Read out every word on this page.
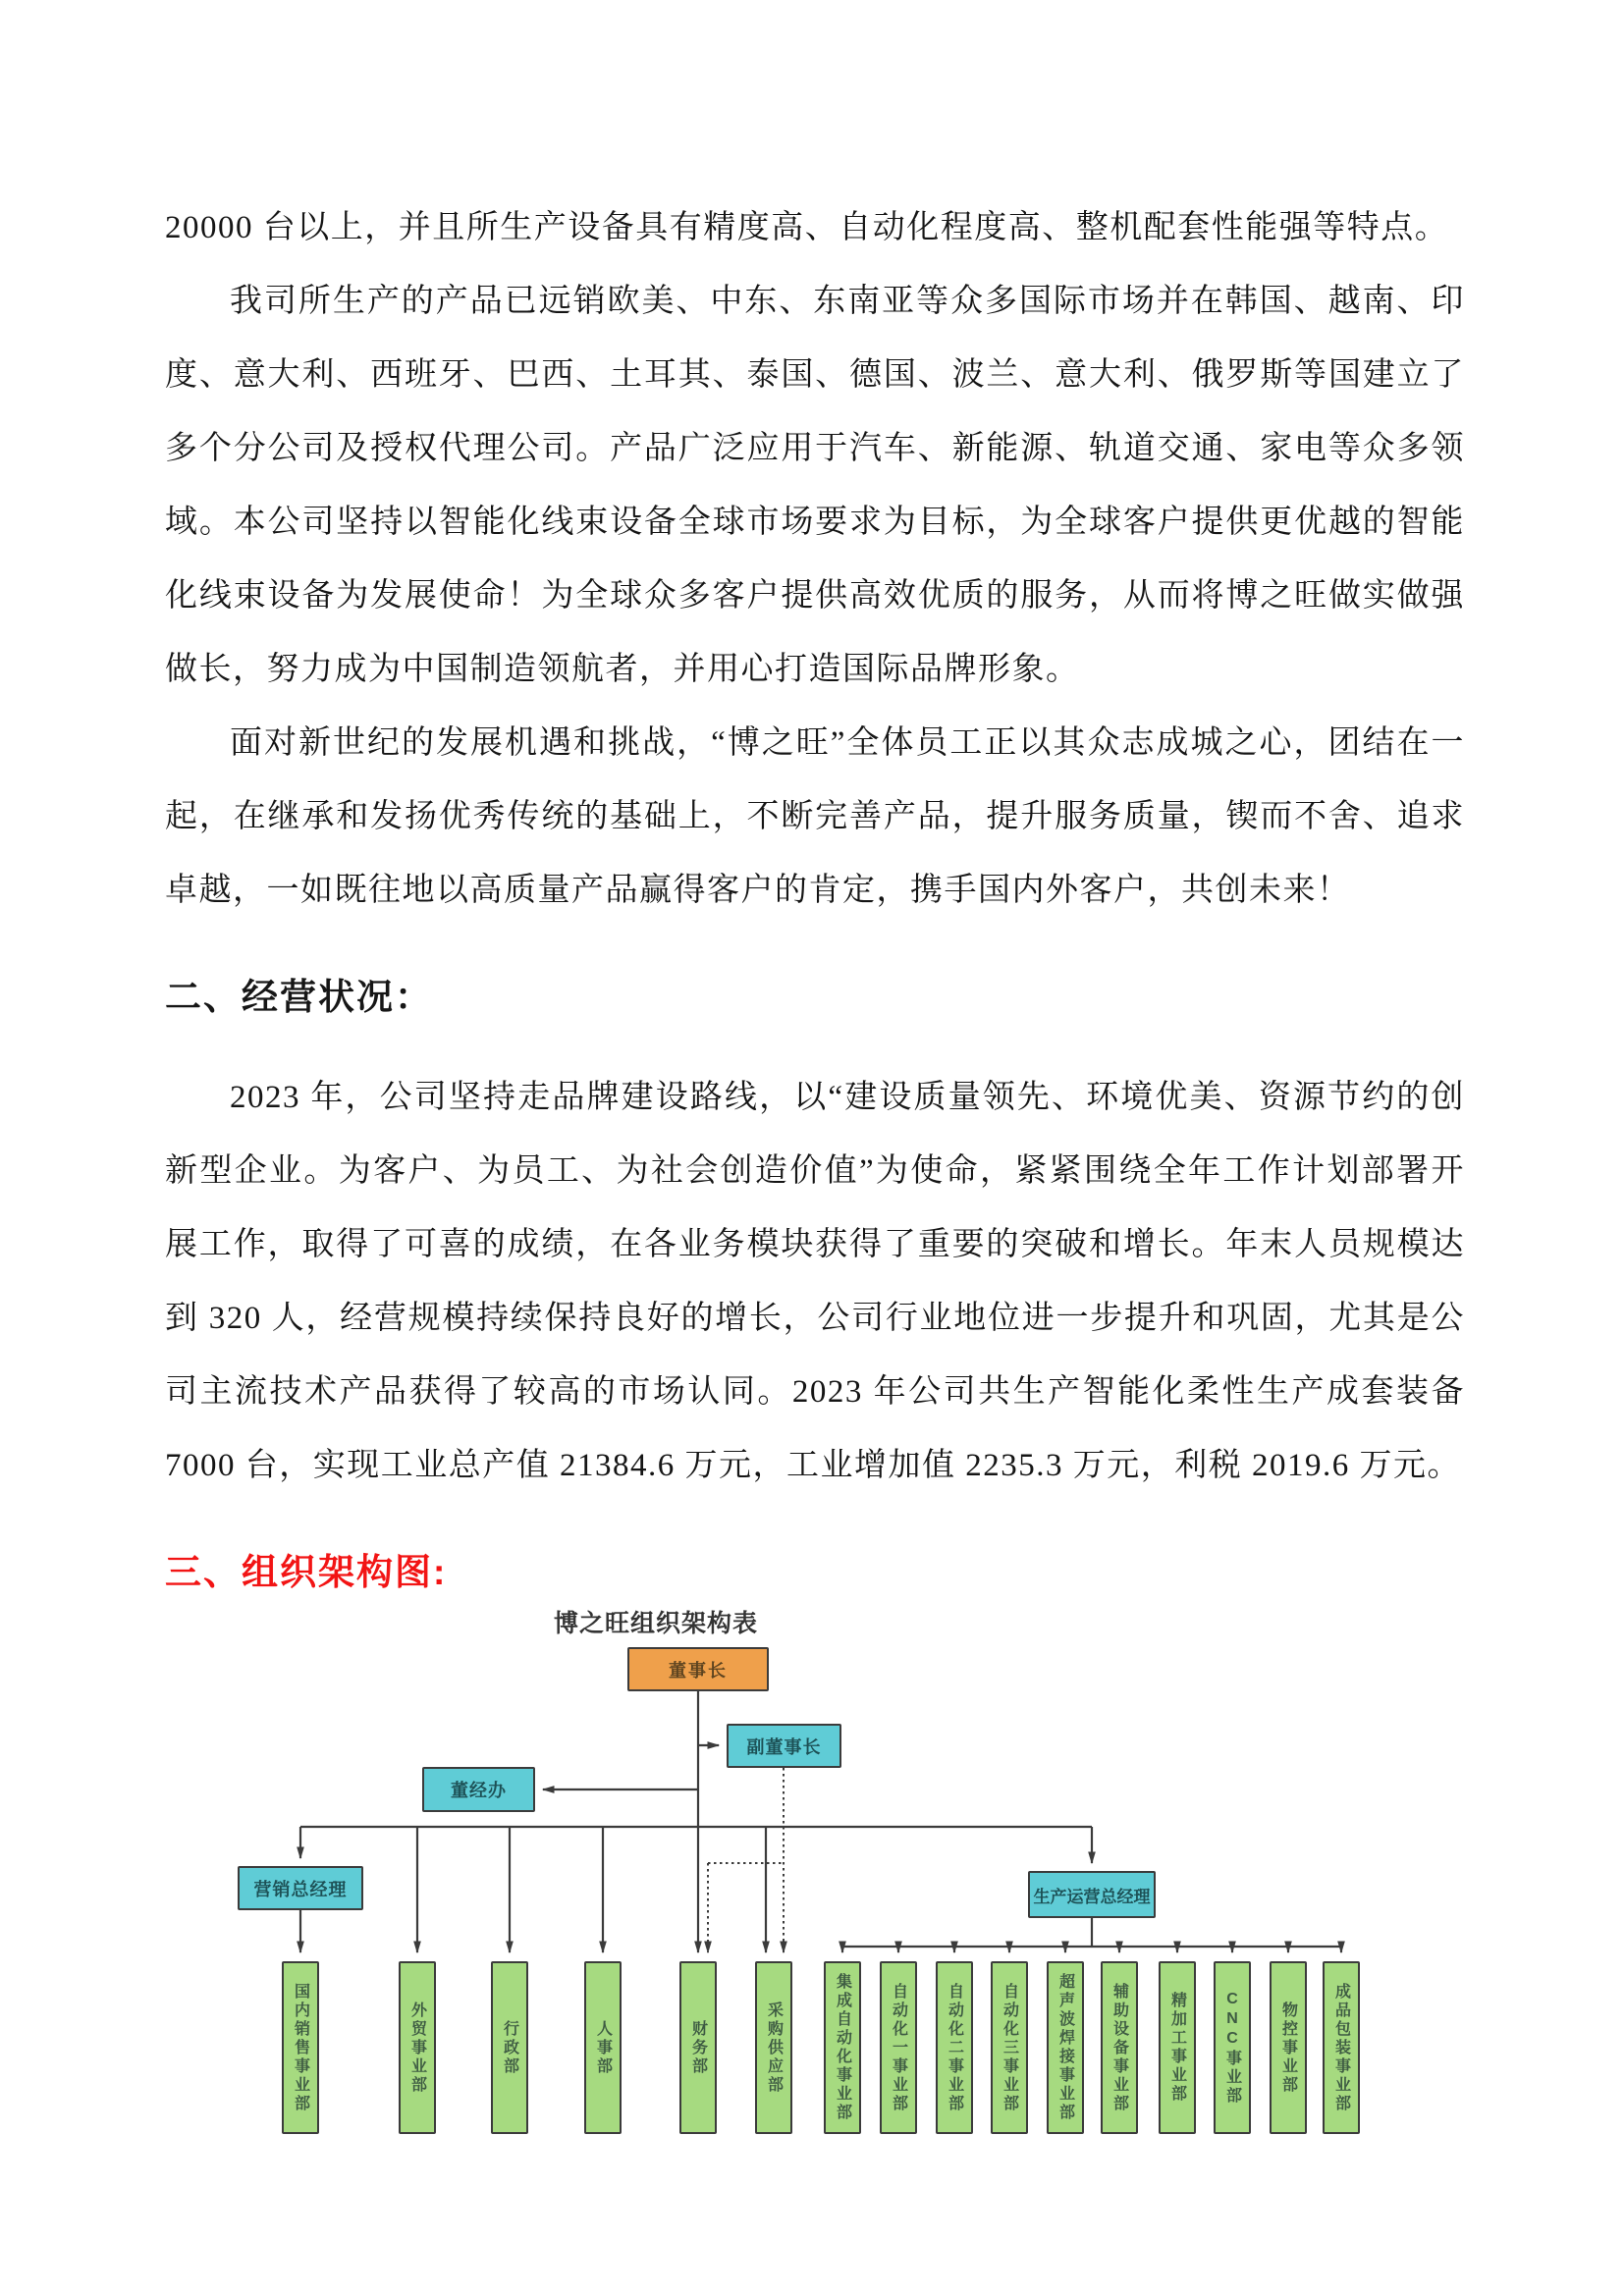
20000 台以上，并且所生产设备具有精度高、自动化程度高、整机配套性能强等特点。

我司所生产的产品已远销欧美、中东、东南亚等众多国际市场并在韩国、越南、印度、意大利、西班牙、巴西、土耳其、泰国、德国、波兰、意大利、俄罗斯等国建立了多个分公司及授权代理公司。产品广泛应用于汽车、新能源、轨道交通、家电等众多领域。本公司坚持以智能化线束设备全球市场要求为目标，为全球客户提供更优越的智能化线束设备为发展使命！为全球众多客户提供高效优质的服务，从而将博之旺做实做强做长，努力成为中国制造领航者，并用心打造国际品牌形象。

面对新世纪的发展机遇和挑战，“博之旺”全体员工正以其众志成城之心，团结在一起，在继承和发扬优秀传统的基础上，不断完善产品，提升服务质量，锲而不舍、追求卓越，一如既往地以高质量产品赢得客户的肯定，携手国内外客户，共创未来！

二、经营状况：

2023 年，公司坚持走品牌建设路线，以“建设质量领先、环境优美、资源节约的创新型企业。为客户、为员工、为社会创造价值”为使命，紧紧围绕全年工作计划部署开展工作，取得了可喜的成绩，在各业务模块获得了重要的突破和增长。年末人员规模达到 320 人，经营规模持续保持良好的增长，公司行业地位进一步提升和巩固，尤其是公司主流技术产品获得了较高的市场认同。2023 年公司共生产智能化柔性生产成套装备 7000 台，实现工业总产值 21384.6 万元，工业增加值 2235.3 万元，利税 2019.6 万元。

三、组织架构图:
博之旺组织架构表
董事长
副董事长
董经办
营销总经理	生产运营总经理
国内销售事业部	外贸事业部	行政部	人事部	财务部	采购供应部	集成自动化事业部	自动化一事业部	自动化二事业部	自动化三事业部	超声波焊接事业部	辅助设备事业部	精加工事业部	CNC事业部	物控事业部	成品包装事业部
